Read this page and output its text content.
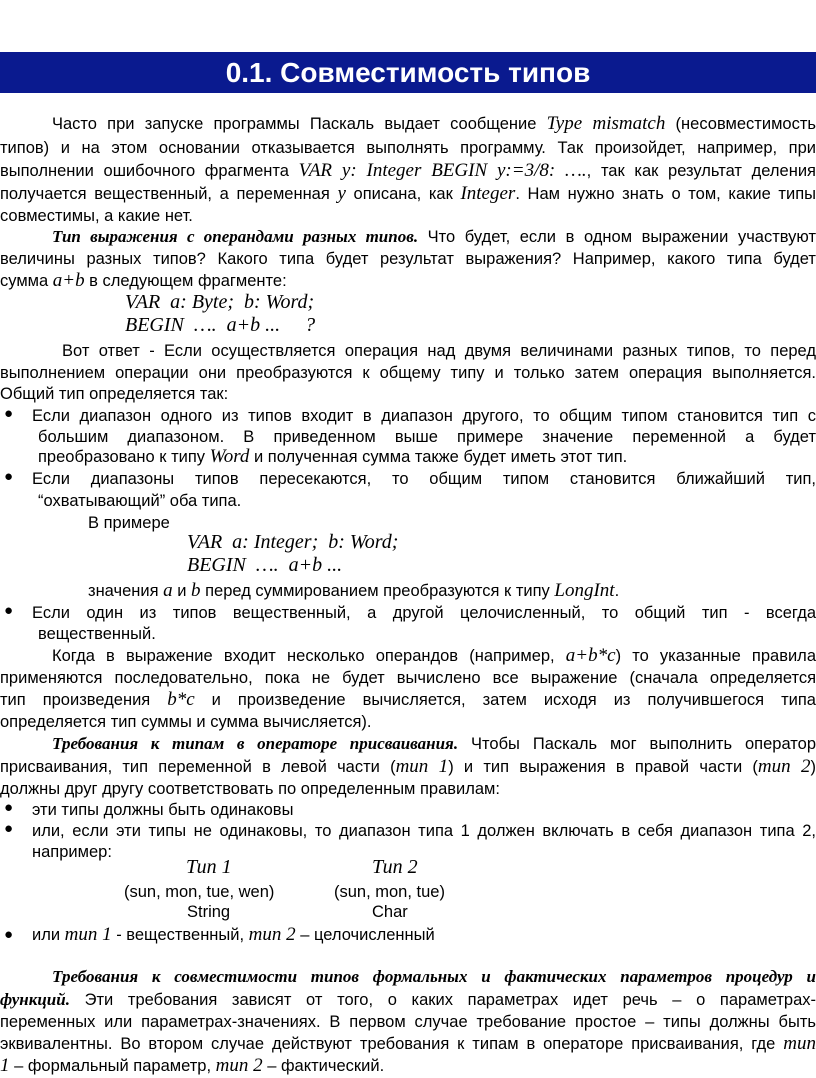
0.1. Совместимость типов
Часто при запуске программы Паскаль выдает сообщение Type mismatch (несовместимость
типов) и на этом основании отказывается выполнять программу. Так произойдет, например, при
выполнении ошибочного фрагмента VAR y: Integer BEGIN y:=3/8: …., так как результат деления
получается вещественный, а переменная y описана, как Integer. Нам нужно знать о том, какие типы
совместимы, а какие нет.
Тип выражения с операндами разных типов. Что будет, если в одном выражении участвуют
величины разных типов? Какого типа будет результат выражения? Например, какого типа будет
сумма a+b в следующем фрагменте:
VAR  a: Byte;  b: Word;
BEGIN  ….  a+b ...     ?
Вот ответ - Если осуществляется операция над двумя величинами разных типов, то перед
выполнением операции они преобразуются к общему типу и только затем операция выполняется.
Общий тип определяется так:
● Если диапазон одного из типов входит в диапазон другого, то общим типом становится тип с
большим диапазоном. В приведенном выше примере значение переменной а будет
преобразовано к типу Word и полученная сумма также будет иметь этот тип.
● Если диапазоны типов пересекаются, то общим типом становится ближайший тип,
“охватывающий” оба типа.
В примере
VAR  a: Integer;  b: Word;
BEGIN  ….  a+b ...
значения a и b перед суммированием преобразуются к типу LongInt.
● Если один из типов вещественный, а другой целочисленный, то общий тип - всегда
вещественный.
Когда в выражение входит несколько операндов (например, a+b*c) то указанные правила
применяются последовательно, пока не будет вычислено все выражение (сначала определяется
тип произведения b*c и произведение вычисляется, затем исходя из получившегося типа
определяется тип суммы и сумма вычисляется).
Требования к типам в операторе присваивания. Чтобы Паскаль мог выполнить оператор
присваивания, тип переменной в левой части (тип 1) и тип выражения в правой части (тип 2)
должны друг другу соответствовать по определенным правилам:
● эти типы должны быть одинаковы
● или, если эти типы не одинаковы, то диапазон типа 1 должен включать в себя диапазон типа 2,
например:
Тип 1	Тип 2
(sun, mon, tue, wen)	(sun, mon, tue)
String	Char
● или тип 1 - вещественный, тип 2 – целочисленный
Требования к совместимости типов формальных и фактических параметров процедур и
функций. Эти требования зависят от того, о каких параметрах идет речь – о параметрах-
переменных или параметрах-значениях. В первом случае требование простое – типы должны быть
эквивалентны. Во втором случае действуют требования к типам в операторе присваивания, где тип
1 – формальный параметр, тип 2 – фактический.
